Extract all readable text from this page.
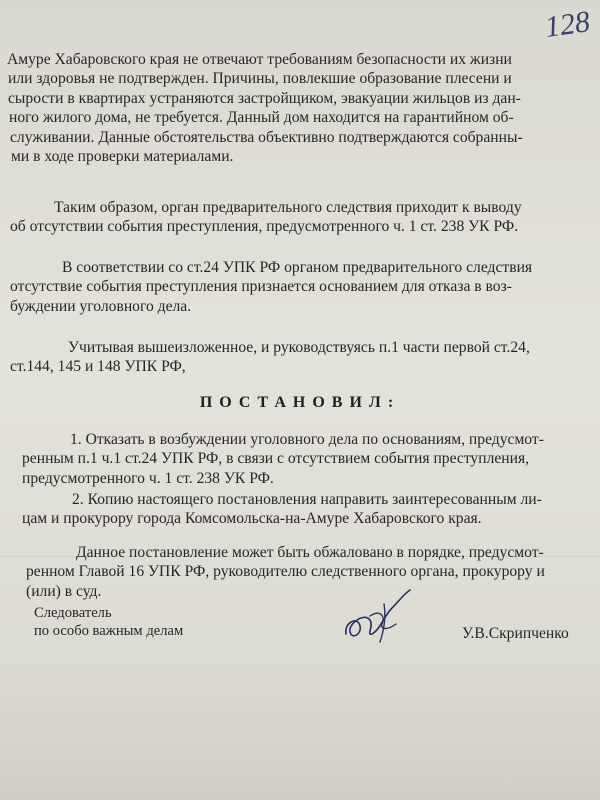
128

Амуре Хабаровского края не отвечают требованиям безопасности их жизни
или здоровья не подтвержден. Причины, повлекшие образование плесени и
сырости в квартирах устраняются застройщиком, эвакуации жильцов из дан-
ного жилого дома, не требуется. Данный дом находится на гарантийном об-
служивании. Данные обстоятельства объективно подтверждаются собранны-
ми в ходе проверки материалами.
Таким образом, орган предварительного следствия приходит к выводу
об отсутствии события преступления, предусмотренного ч. 1 ст. 238 УК РФ.
В соответствии со ст.24 УПК РФ органом предварительного следствия
отсутствие события преступления признается основанием для отказа в воз-
буждении уголовного дела.
Учитывая вышеизложенное, и руководствуясь п.1 части первой ст.24,
ст.144, 145 и 148 УПК РФ,

ПОСТАНОВИЛ:

1. Отказать в возбуждении уголовного дела по основаниям, предусмот-
ренным п.1 ч.1 ст.24 УПК РФ, в связи с отсутствием события преступления,
предусмотренного ч. 1 ст. 238 УК РФ.
2. Копию настоящего постановления направить заинтересованным ли-
цам и прокурору города Комсомольска-на-Амуре Хабаровского края.
Данное постановление может быть обжаловано в порядке, предусмот-
ренном Главой 16 УПК РФ, руководителю следственного органа, прокурору и
(или) в суд.
Следователь
по особо важным делам	У.В.Скрипченко
